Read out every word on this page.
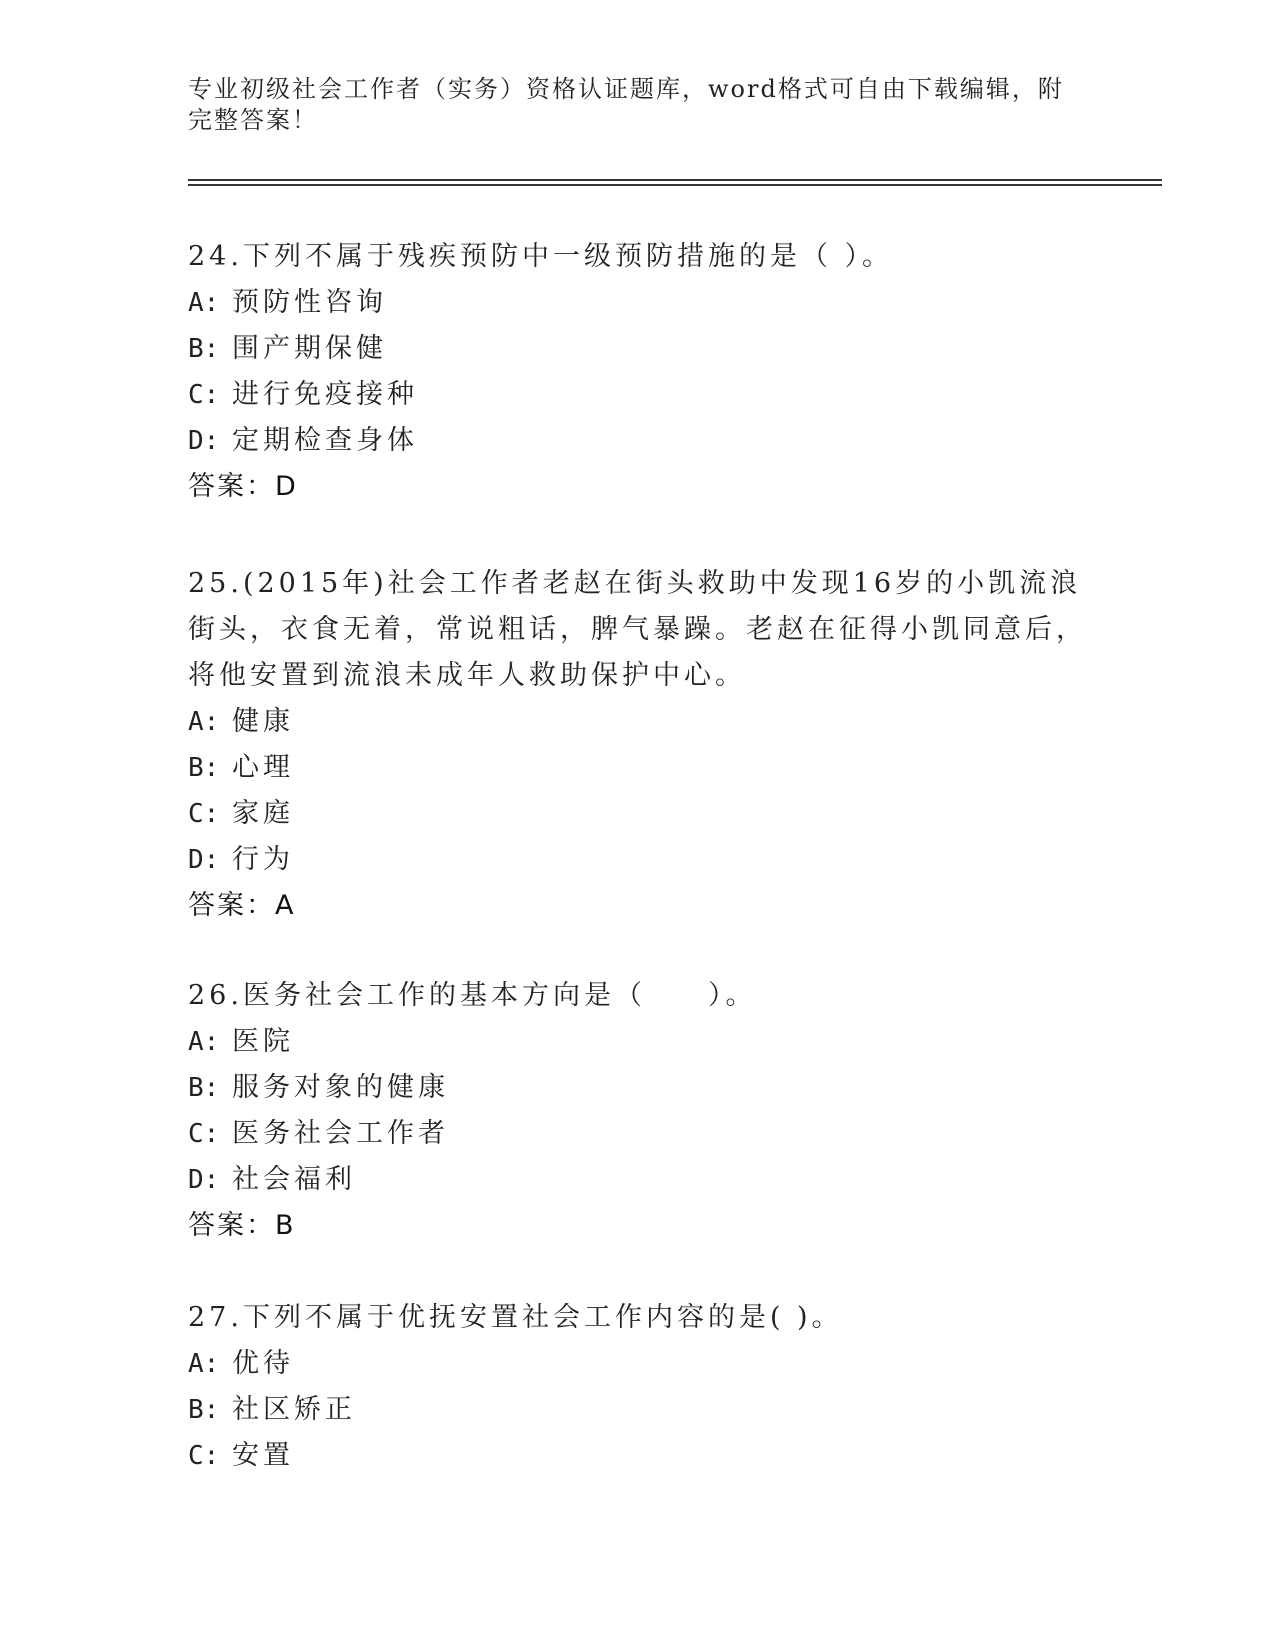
专业初级社会工作者（实务）资格认证题库，word格式可自由下载编辑，附完整答案！

24.下列不属于残疾预防中一级预防措施的是（ ）。

A: 预防性咨询

B: 围产期保健

C: 进行免疫接种

D: 定期检查身体

答案：D

25.(2015年)社会工作者老赵在街头救助中发现16岁的小凯流浪街头，衣食无着，常说粗话，脾气暴躁。老赵在征得小凯同意后，将他安置到流浪未成年人救助保护中心。

A: 健康

B: 心理

C: 家庭

D: 行为

答案：A

26.医务社会工作的基本方向是（　　）。

A: 医院

B: 服务对象的健康

C: 医务社会工作者

D: 社会福利

答案：B

27.下列不属于优抚安置社会工作内容的是( )。

A: 优待

B: 社区矫正

C: 安置
